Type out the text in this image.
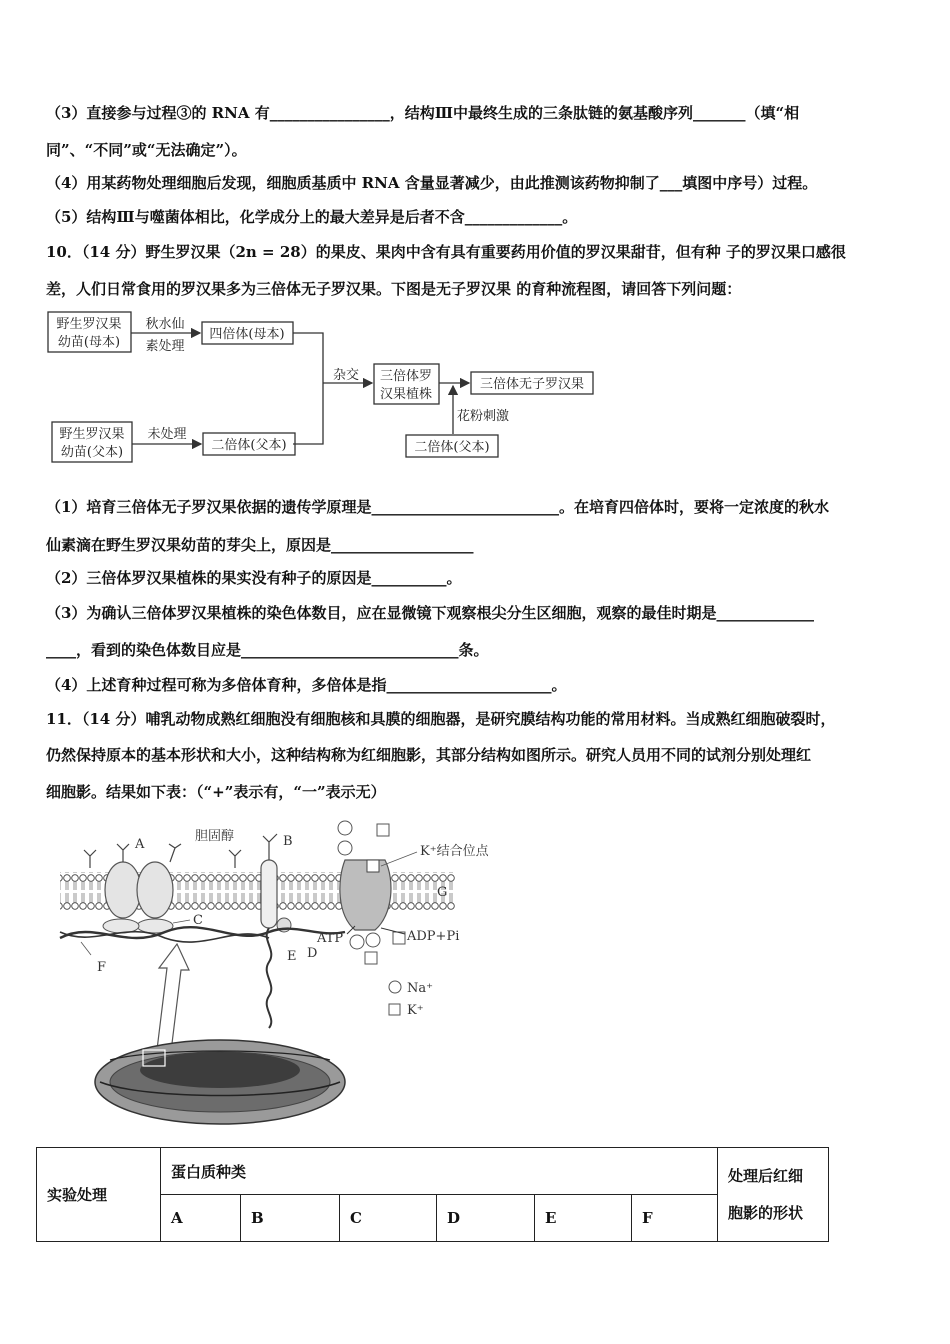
（3）直接参与过程③的 RNA 有________________，结构Ⅲ中最终生成的三条肽链的氨基酸序列_______（填“相
同”、“不同”或“无法确定”）。
（4）用某药物处理细胞后发现，细胞质基质中 RNA 含量显著减少，由此推测该药物抑制了___填图中序号）过程。
（5）结构Ⅲ与噬菌体相比，化学成分上的最大差异是后者不含_____________。
10．（14 分）野生罗汉果（2n = 28）的果皮、果肉中含有具有重要药用价值的罗汉果甜苷，但有种 子的罗汉果口感很
差，人们日常食用的罗汉果多为三倍体无子罗汉果。下图是无子罗汉果 的育种流程图，请回答下列问题：
野生罗汉果
幼苗(母本)
秋水仙
素处理
四倍体(母本)
杂交 三倍体罗
汉果植株
三倍体无子罗汉果
花粉刺激
二倍体(父本)
野生罗汉果
幼苗(父本)
未处理
二倍体(父本)
（1）培育三倍体无子罗汉果依据的遗传学原理是_________________________。在培育四倍体时，要将一定浓度的秋水
仙素滴在野生罗汉果幼苗的芽尖上，原因是___________________
（2）三倍体罗汉果植株的果实没有种子的原因是__________。
（3）为确认三倍体罗汉果植株的染色体数目，应在显微镜下观察根尖分生区细胞，观察的最佳时期是_____________
____，看到的染色体数目应是_____________________________条。
（4）上述育种过程可称为多倍体育种，多倍体是指______________________。
11．（14 分）哺乳动物成熟红细胞没有细胞核和具膜的细胞器，是研究膜结构功能的常用材料。当成熟红细胞破裂时，
仍然保持原本的基本形状和大小，这种结构称为红细胞影，其部分结构如图所示。研究人员用不同的试剂分别处理红
细胞影。结果如下表：（“+”表示有，“一”表示无）
A
C
胆固醇	B
D
E
F
K⁺结合位点
G
ATP	ADP+Pi
Na⁺
K⁺
实验处理	蛋白质种类						处理后红细
胞影的形状
	A	B	C	D	E	F	
